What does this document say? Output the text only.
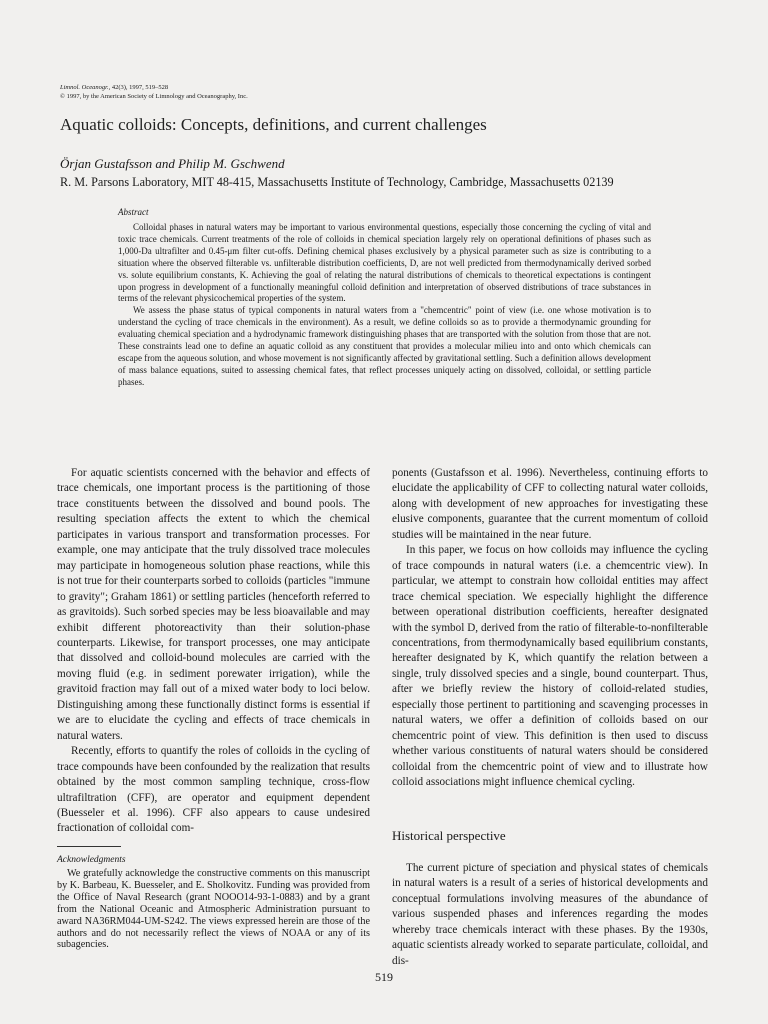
Limnol. Oceanogr., 42(3), 1997, 519–528
© 1997, by the American Society of Limnology and Oceanography, Inc.
Aquatic colloids: Concepts, definitions, and current challenges
Örjan Gustafsson and Philip M. Gschwend
R. M. Parsons Laboratory, MIT 48-415, Massachusetts Institute of Technology, Cambridge, Massachusetts 02139
Abstract

Colloidal phases in natural waters may be important to various environmental questions, especially those concerning the cycling of vital and toxic trace chemicals. Current treatments of the role of colloids in chemical speciation largely rely on operational definitions of phases such as 1,000-Da ultrafilter and 0.45-μm filter cut-offs. Defining chemical phases exclusively by a physical parameter such as size is contributing to a situation where the observed filterable vs. unfilterable distribution coefficients, D, are not well predicted from thermodynamically derived sorbed vs. solute equilibrium constants, K. Achieving the goal of relating the natural distributions of chemicals to theoretical expectations is contingent upon progress in development of a functionally meaningful colloid definition and interpretation of observed distributions of trace substances in terms of the relevant physicochemical properties of the system.

We assess the phase status of typical components in natural waters from a "chemcentric" point of view (i.e. one whose motivation is to understand the cycling of trace chemicals in the environment). As a result, we define colloids so as to provide a thermodynamic grounding for evaluating chemical speciation and a hydrodynamic framework distinguishing phases that are transported with the solution from those that are not. These constraints lead one to define an aquatic colloid as any constituent that provides a molecular milieu into and onto which chemicals can escape from the aqueous solution, and whose movement is not significantly affected by gravitational settling. Such a definition allows development of mass balance equations, suited to assessing chemical fates, that reflect processes uniquely acting on dissolved, colloidal, or settling particle phases.

For aquatic scientists concerned with the behavior and effects of trace chemicals, one important process is the partitioning of those trace constituents between the dissolved and bound pools. The resulting speciation affects the extent to which the chemical participates in various transport and transformation processes. For example, one may anticipate that the truly dissolved trace molecules may participate in homogeneous solution phase reactions, while this is not true for their counterparts sorbed to colloids (particles "immune to gravity"; Graham 1861) or settling particles (henceforth referred to as gravitoids). Such sorbed species may be less bioavailable and may exhibit different photoreactivity than their solution-phase counterparts. Likewise, for transport processes, one may anticipate that dissolved and colloid-bound molecules are carried with the moving fluid (e.g. in sediment porewater irrigation), while the gravitoid fraction may fall out of a mixed water body to loci below. Distinguishing among these functionally distinct forms is essential if we are to elucidate the cycling and effects of trace chemicals in natural waters.

Recently, efforts to quantify the roles of colloids in the cycling of trace compounds have been confounded by the realization that results obtained by the most common sampling technique, cross-flow ultrafiltration (CFF), are operator and equipment dependent (Buesseler et al. 1996). CFF also appears to cause undesired fractionation of colloidal com-

Acknowledgments

We gratefully acknowledge the constructive comments on this manuscript by K. Barbeau, K. Buesseler, and E. Sholkovitz. Funding was provided from the Office of Naval Research (grant NOOO14-93-1-0883) and by a grant from the National Oceanic and Atmospheric Administration pursuant to award NA36RM044-UM-S242. The views expressed herein are those of the authors and do not necessarily reflect the views of NOAA or any of its subagencies.

ponents (Gustafsson et al. 1996). Nevertheless, continuing efforts to elucidate the applicability of CFF to collecting natural water colloids, along with development of new approaches for investigating these elusive components, guarantee that the current momentum of colloid studies will be maintained in the near future.

In this paper, we focus on how colloids may influence the cycling of trace compounds in natural waters (i.e. a chemcentric view). In particular, we attempt to constrain how colloidal entities may affect trace chemical speciation. We especially highlight the difference between operational distribution coefficients, hereafter designated with the symbol D, derived from the ratio of filterable-to-nonfilterable concentrations, from thermodynamically based equilibrium constants, hereafter designated by K, which quantify the relation between a single, truly dissolved species and a single, bound counterpart. Thus, after we briefly review the history of colloid-related studies, especially those pertinent to partitioning and scavenging processes in natural waters, we offer a definition of colloids based on our chemcentric point of view. This definition is then used to discuss whether various constituents of natural waters should be considered colloidal from the chemcentric point of view and to illustrate how colloid associations might influence chemical cycling.

Historical perspective

The current picture of speciation and physical states of chemicals in natural waters is a result of a series of historical developments and conceptual formulations involving measures of the abundance of various suspended phases and inferences regarding the modes whereby trace chemicals interact with these phases. By the 1930s, aquatic scientists already worked to separate particulate, colloidal, and dis-

519
